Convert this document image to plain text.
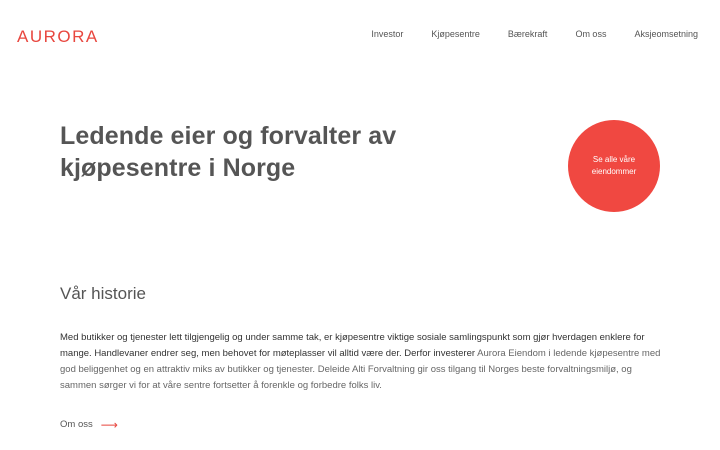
AURORA	Investor	Kjøpesentre	Bærekraft	Om oss	Aksjeomsetning
Ledende eier og forvalter av kjøpesentre i Norge	Se alle våre eiendommer
Vår historie

Med butikker og tjenester lett tilgjengelig og under samme tak, er kjøpesentre viktige sosiale samlingspunkt som gjør hverdagen enklere for mange. Handlevaner endrer seg, men behovet for møteplasser vil alltid være der. Derfor investerer Aurora Eiendom i ledende kjøpesentre med god beliggenhet og en attraktiv miks av butikker og tjenester. Deleide Alti Forvaltning gir oss tilgang til Norges beste forvaltningsmiljø, og sammen sørger vi for at våre sentre fortsetter å forenkle og forbedre folks liv.

Om oss ⟶
